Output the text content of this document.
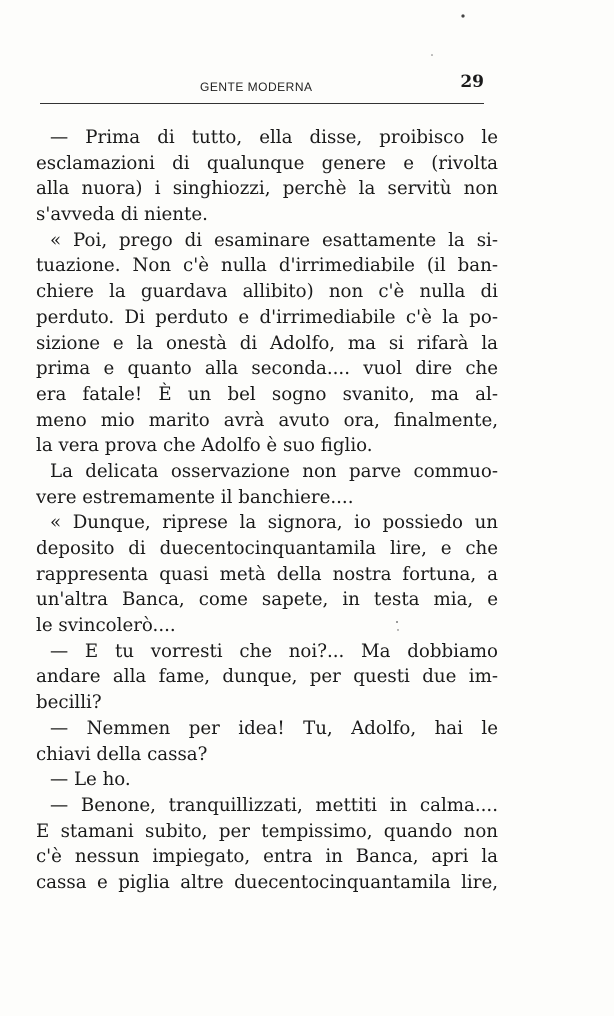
GENTE MODERNA	29
— Prima di tutto, ella disse, proibisco le
esclamazioni di qualunque genere e (rivolta
alla nuora) i singhiozzi, perchè la servitù non
s'avveda di niente.
« Poi, prego di esaminare esattamente la si-
tuazione. Non c'è nulla d'irrimediabile (il ban-
chiere la guardava allibito) non c'è nulla di
perduto. Di perduto e d'irrimediabile c'è la po-
sizione e la onestà di Adolfo, ma si rifarà la
prima e quanto alla seconda.... vuol dire che
era fatale! È un bel sogno svanito, ma al-
meno mio marito avrà avuto ora, finalmente,
la vera prova che Adolfo è suo figlio.
La delicata osservazione non parve commuo-
vere estremamente il banchiere....
« Dunque, riprese la signora, io possiedo un
deposito di duecentocinquantamila lire, e che
rappresenta quasi metà della nostra fortuna, a
un'altra Banca, come sapete, in testa mia, e
le svincolerò....
— E tu vorresti che noi?... Ma dobbiamo
andare alla fame, dunque, per questi due im-
becilli?
— Nemmen per idea! Tu, Adolfo, hai le
chiavi della cassa?
— Le ho.
— Benone, tranquillizzati, mettiti in calma....
E stamani subito, per tempissimo, quando non
c'è nessun impiegato, entra in Banca, apri la
cassa e piglia altre duecentocinquantamila lire,
